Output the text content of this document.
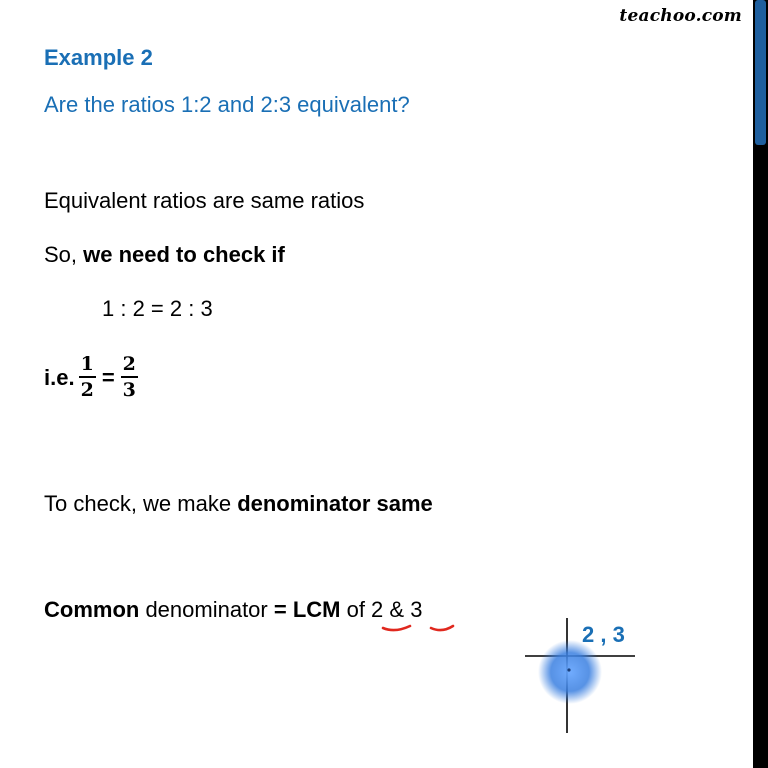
teachoo.com
Example 2
Are the ratios 1:2 and 2:3 equivalent?
Equivalent ratios are same ratios
So, we need to check if
1 : 2 = 2 : 3
i.e. $\frac{1}{2} = \frac{2}{3}$
To check, we make denominator same
Common denominator = LCM of 2 & 3
2 , 3
